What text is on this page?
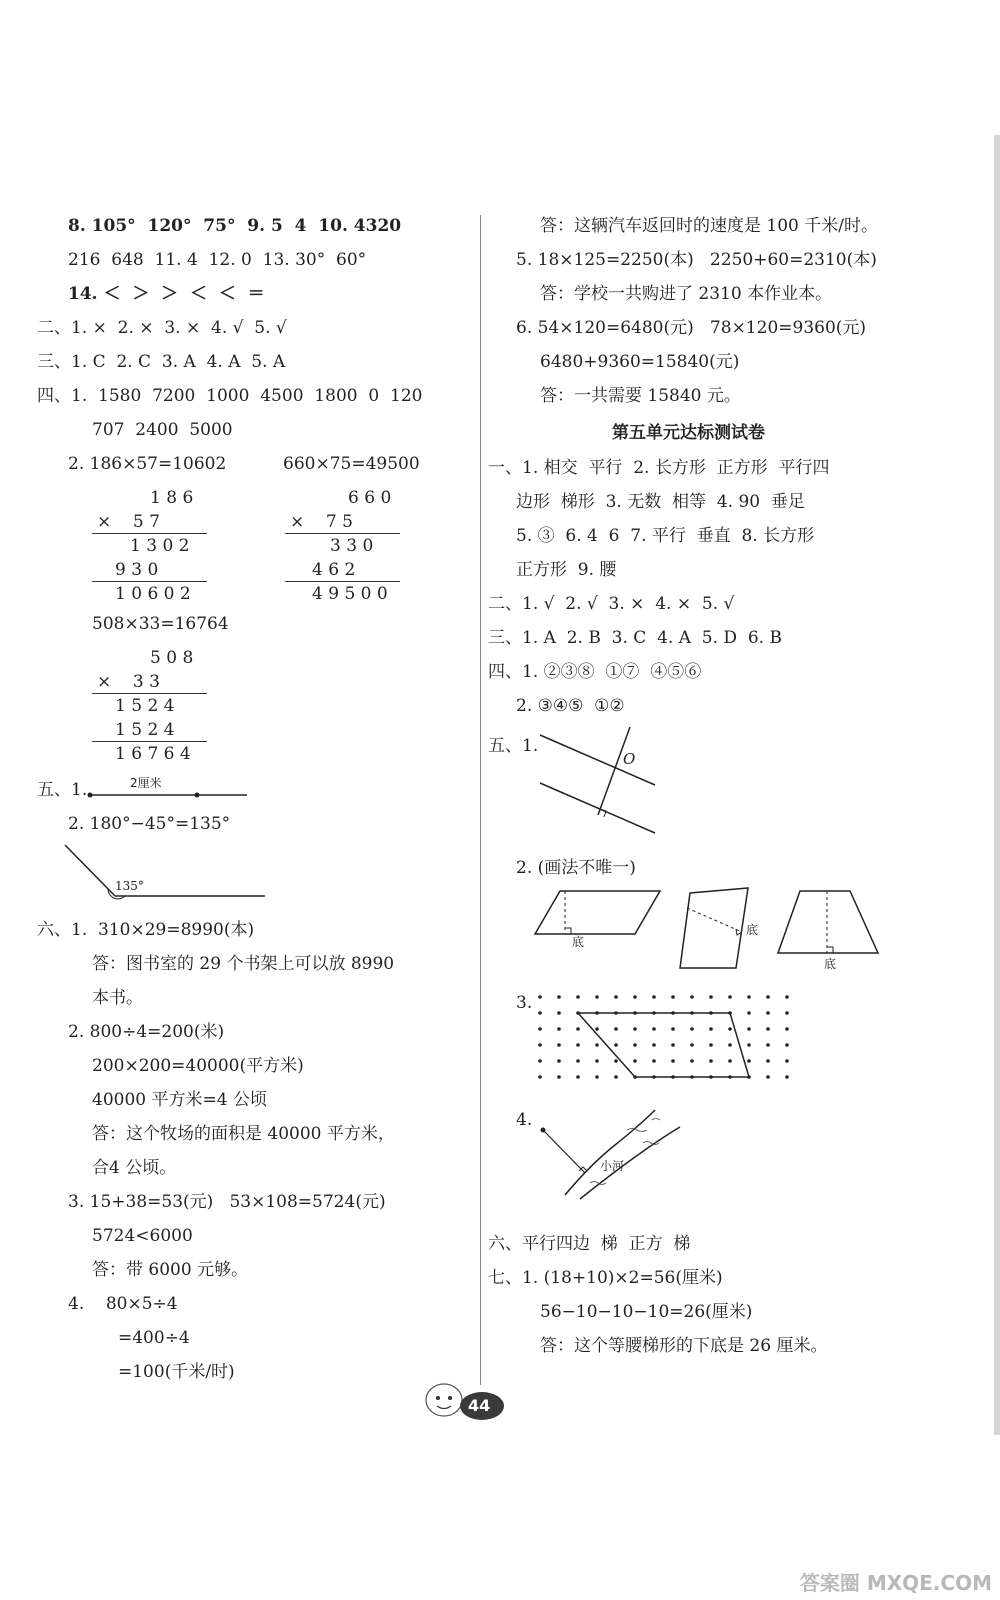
8. 105°  120°  75°  9. 5  4  10. 4320
216  648  11. 4  12. 0  13. 30°  60°
14. ＜  ＞  ＞  ＜  ＜  ＝
二、1. ×  2. ×  3. ×  4. √  5. √
三、1. C  2. C  3. A  4. A  5. A
四、1.  1580  7200  1000  4500  1800  0  120
707  2400  5000
2. 186×57=10602	660×75=49500
1 8 6
×    5 7
1 3 0 2
9 3 0
1 0 6 0 2
6 6 0
×    7 5
3 3 0
4 6 2
4 9 5 0 0
508×33=16764
5 0 8
×    3 3
1 5 2 4
1 5 2 4
1 6 7 6 4
五、1.	2厘米
2. 180°−45°=135°
135°
六、1.  310×29=8990(本)
答：图书室的 29 个书架上可以放 8990
本书。
2. 800÷4=200(米)
200×200=40000(平方米)
40000 平方米=4 公顷
答：这个牧场的面积是 40000 平方米，
合4 公顷。
3. 15+38=53(元)   53×108=5724(元)
5724<6000
答：带 6000 元够。
4.    80×5÷4
=400÷4
=100(千米/时)
答：这辆汽车返回时的速度是 100 千米/时。
5. 18×125=2250(本)   2250+60=2310(本)
答：学校一共购进了 2310 本作业本。
6. 54×120=6480(元)   78×120=9360(元)
6480+9360=15840(元)
答：一共需要 15840 元。
第五单元达标测试卷
一、1. 相交  平行  2. 长方形  正方形  平行四
边形  梯形  3. 无数  相等  4. 90  垂足
5. ③  6. 4  6  7. 平行  垂直  8. 长方形
正方形  9. 腰
二、1. √  2. √  3. ×  4. ×  5. √
三、1. A  2. B  3. C  4. A  5. D  6. B
四、1. ②③⑧  ①⑦  ④⑤⑥
2. ③④⑤  ①②
五、1.
O
2. (画法不唯一)
底
底
底
3.
4.
小河
六、平行四边  梯  正方  梯
七、1. (18+10)×2=56(厘米)
56−10−10−10=26(厘米)
答：这个等腰梯形的下底是 26 厘米。
44
答案圈 MXQE.COM
